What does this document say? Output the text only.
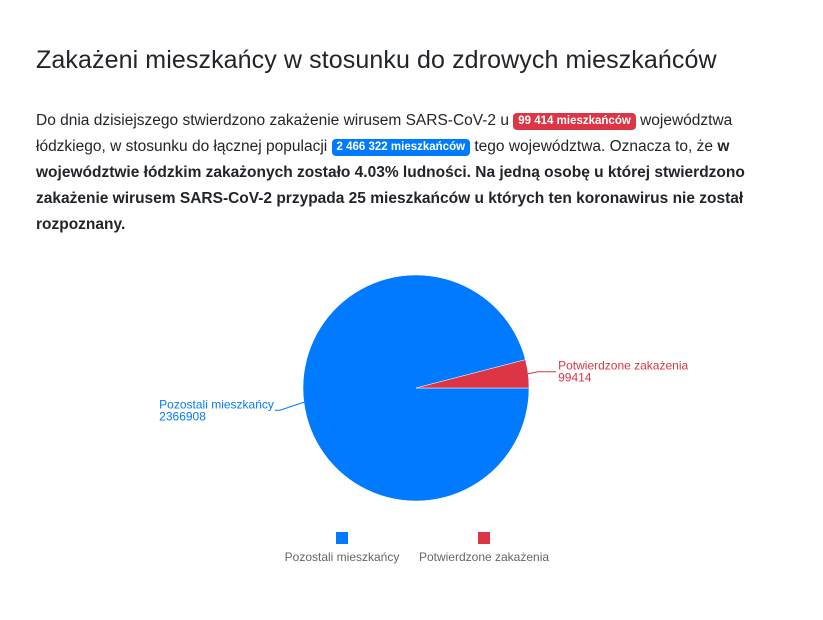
Zakażeni mieszkańcy w stosunku do zdrowych mieszkańców

Do dnia dzisiejszego stwierdzono zakażenie wirusem SARS-CoV-2 u 99 414 mieszkańców województwa łódzkiego, w stosunku do łącznej populacji 2 466 322 mieszkańców tego województwa. Oznacza to, że w województwie łódzkim zakażonych zostało 4.03% ludności. Na jedną osobę u której stwierdzono zakażenie wirusem SARS-CoV-2 przypada 25 mieszkańców u których ten koronawirus nie został rozpoznany.

Pozostali mieszkańcy
2366908
Potwierdzone zakażenia
99414
Pozostali mieszkańcy Potwierdzone zakażenia
